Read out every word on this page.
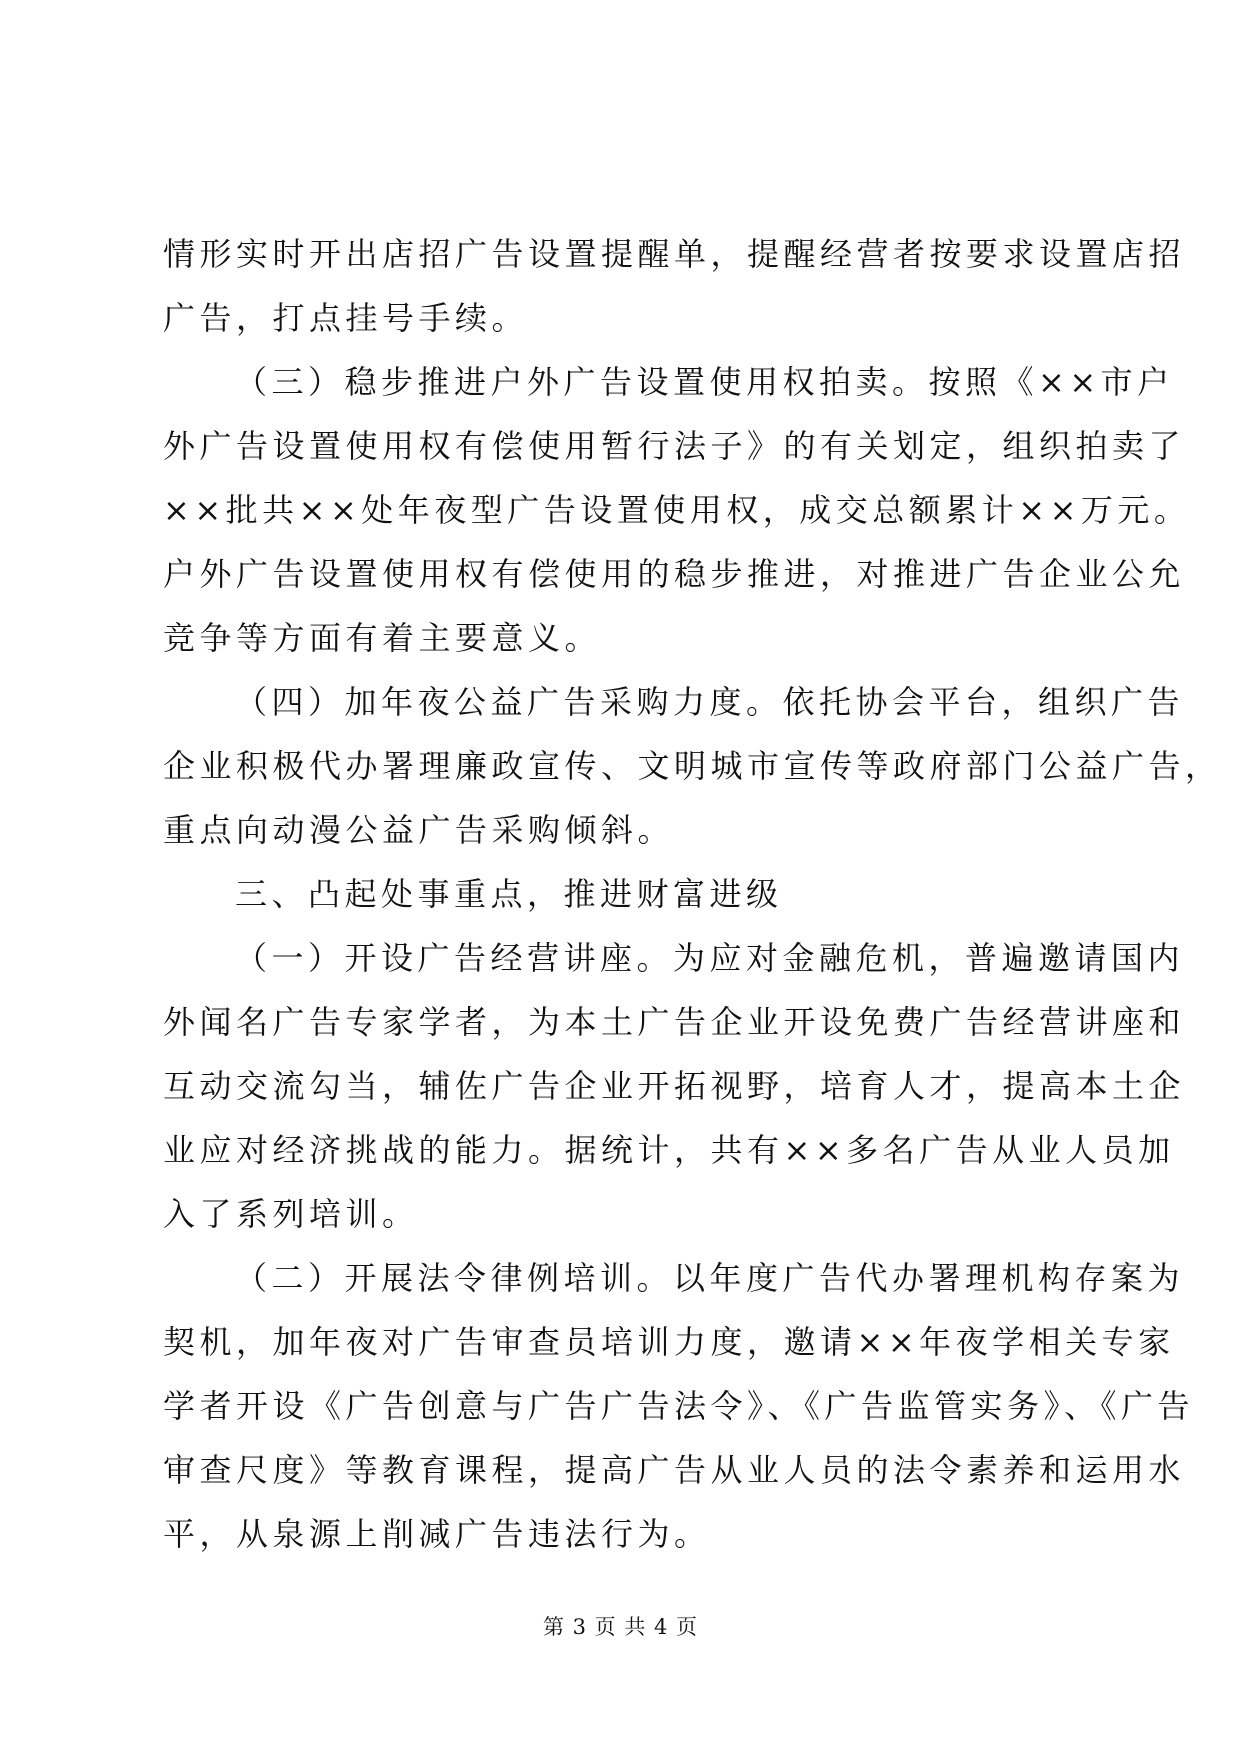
情形实时开出店招广告设置提醒单，提醒经营者按要求设置店招
广告，打点挂号手续。
（三）稳步推进户外广告设置使用权拍卖。按照《××市户
外广告设置使用权有偿使用暂行法子》的有关划定，组织拍卖了
××批共××处年夜型广告设置使用权，成交总额累计××万元。
户外广告设置使用权有偿使用的稳步推进，对推进广告企业公允
竞争等方面有着主要意义。
（四）加年夜公益广告采购力度。依托协会平台，组织广告
企业积极代办署理廉政宣传、文明城市宣传等政府部门公益广告，
重点向动漫公益广告采购倾斜。
三、凸起处事重点，推进财富进级
（一）开设广告经营讲座。为应对金融危机，普遍邀请国内
外闻名广告专家学者，为本土广告企业开设免费广告经营讲座和
互动交流勾当，辅佐广告企业开拓视野，培育人才，提高本土企
业应对经济挑战的能力。据统计，共有××多名广告从业人员加
入了系列培训。
（二）开展法令律例培训。以年度广告代办署理机构存案为
契机，加年夜对广告审查员培训力度，邀请××年夜学相关专家
学者开设《广告创意与广告广告法令》、《广告监管实务》、《广告
审查尺度》等教育课程，提高广告从业人员的法令素养和运用水
平，从泉源上削减广告违法行为。
第 3 页 共 4 页
